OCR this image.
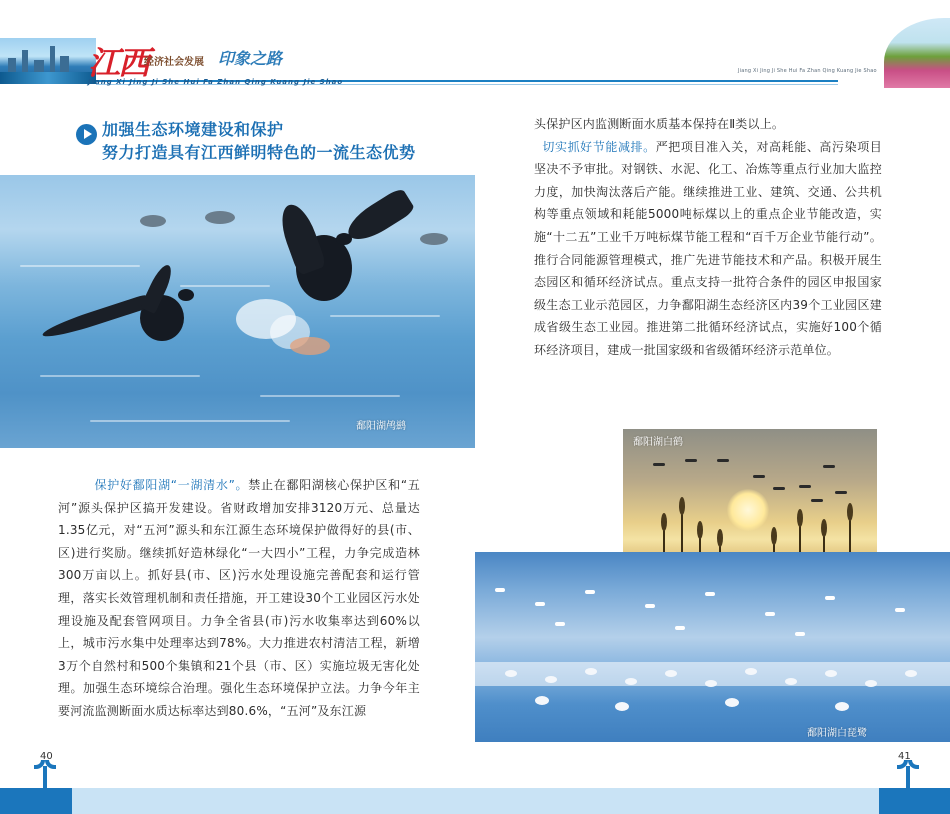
江西
经济社会发展 印象之路
Jiang Xi Jing Ji She Hui Fa Zhan Qing Kuang Jie Shao
Jiang Xi Jing Ji She Hui Fa Zhan Qing Kuang Jie Shao
加强生态环境建设和保护
努力打造具有江西鲜明特色的一流生态优势
鄱阳湖鸬鹚
保护好鄱阳湖“一湖清水”。禁止在鄱阳湖核心保护区和“五河”源头保护区搞开发建设。省财政增加安排3120万元、总量达1.35亿元，对“五河”源头和东江源生态环境保护做得好的县(市、区)进行奖励。继续抓好造林绿化“一大四小”工程，力争完成造林300万亩以上。抓好县(市、区)污水处理设施完善配套和运行管理，落实长效管理机制和责任措施，开工建设30个工业园区污水处理设施及配套管网项目。力争全省县(市)污水收集率达到60%以上，城市污水集中处理率达到78%。大力推进农村清洁工程，新增3万个自然村和500个集镇和21个县（市、区）实施垃圾无害化处理。加强生态环境综合治理。强化生态环境保护立法。力争今年主要河流监测断面水质达标率达到80.6%，“五河”及东江源
头保护区内监测断面水质基本保持在Ⅱ类以上。
切实抓好节能减排。严把项目准入关，对高耗能、高污染项目坚决不予审批。对钢铁、水泥、化工、冶炼等重点行业加大监控力度，加快淘汰落后产能。继续推进工业、建筑、交通、公共机构等重点领域和耗能5000吨标煤以上的重点企业节能改造，实施“十二五”工业千万吨标煤节能工程和“百千万企业节能行动”。推行合同能源管理模式，推广先进节能技术和产品。积极开展生态园区和循环经济试点。重点支持一批符合条件的园区申报国家级生态工业示范园区，力争鄱阳湖生态经济区内39个工业园区建成省级生态工业园。推进第二批循环经济试点，实施好100个循环经济项目，建成一批国家级和省级循环经济示范单位。
鄱阳湖白鹤
鄱阳湖白琵鹭
40	41
